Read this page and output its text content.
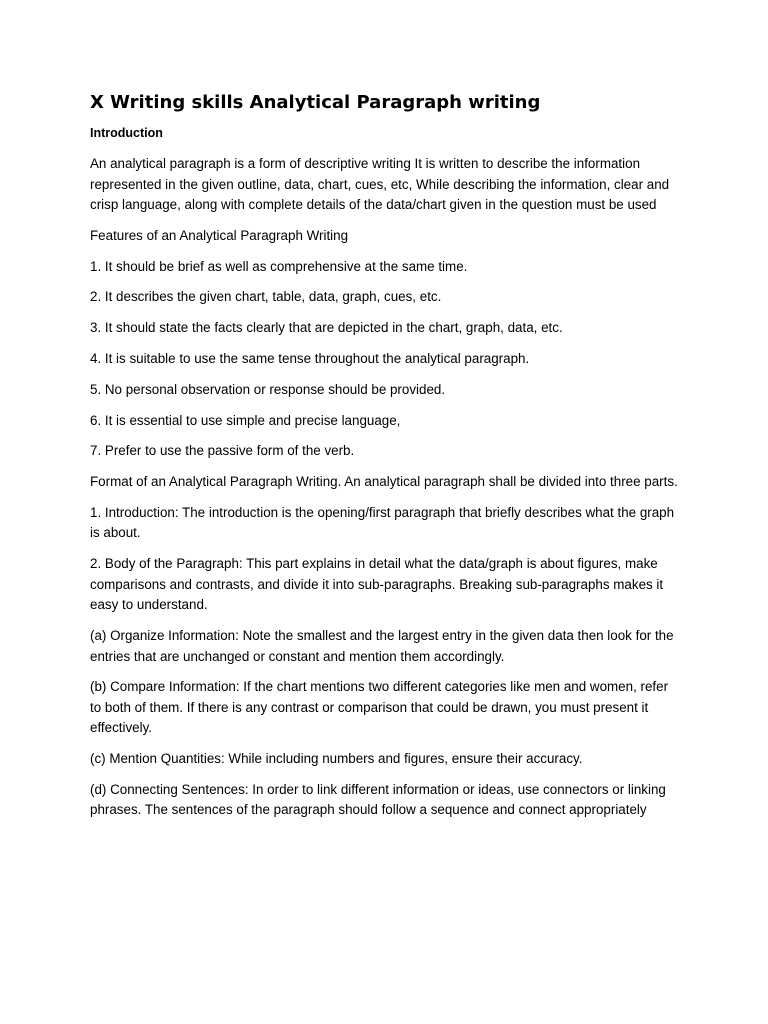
X Writing skills Analytical Paragraph writing
Introduction

An analytical paragraph is a form of descriptive writing It is written to describe the information represented in the given outline, data, chart, cues, etc, While describing the information, clear and crisp language, along with complete details of the data/chart given in the question must be used

Features of an Analytical Paragraph Writing

1. It should be brief as well as comprehensive at the same time.

2. It describes the given chart, table, data, graph, cues, etc.

3. It should state the facts clearly that are depicted in the chart, graph, data, etc.

4. It is suitable to use the same tense throughout the analytical paragraph.

5. No personal observation or response should be provided.

6. It is essential to use simple and precise language,

7. Prefer to use the passive form of the verb.

Format of an Analytical Paragraph Writing. An analytical paragraph shall be divided into three parts.

1. Introduction: The introduction is the opening/first paragraph that briefly describes what the graph is about.

2. Body of the Paragraph: This part explains in detail what the data/graph is about figures, make comparisons and contrasts, and divide it into sub-paragraphs. Breaking sub-paragraphs makes it easy to understand.

(a) Organize Information: Note the smallest and the largest entry in the given data then look for the entries that are unchanged or constant and mention them accordingly.

(b) Compare Information: If the chart mentions two different categories like men and women, refer to both of them. If there is any contrast or comparison that could be drawn, you must present it effectively.

(c) Mention Quantities: While including numbers and figures, ensure their accuracy.

(d) Connecting Sentences: In order to link different information or ideas, use connectors or linking phrases. The sentences of the paragraph should follow a sequence and connect appropriately
